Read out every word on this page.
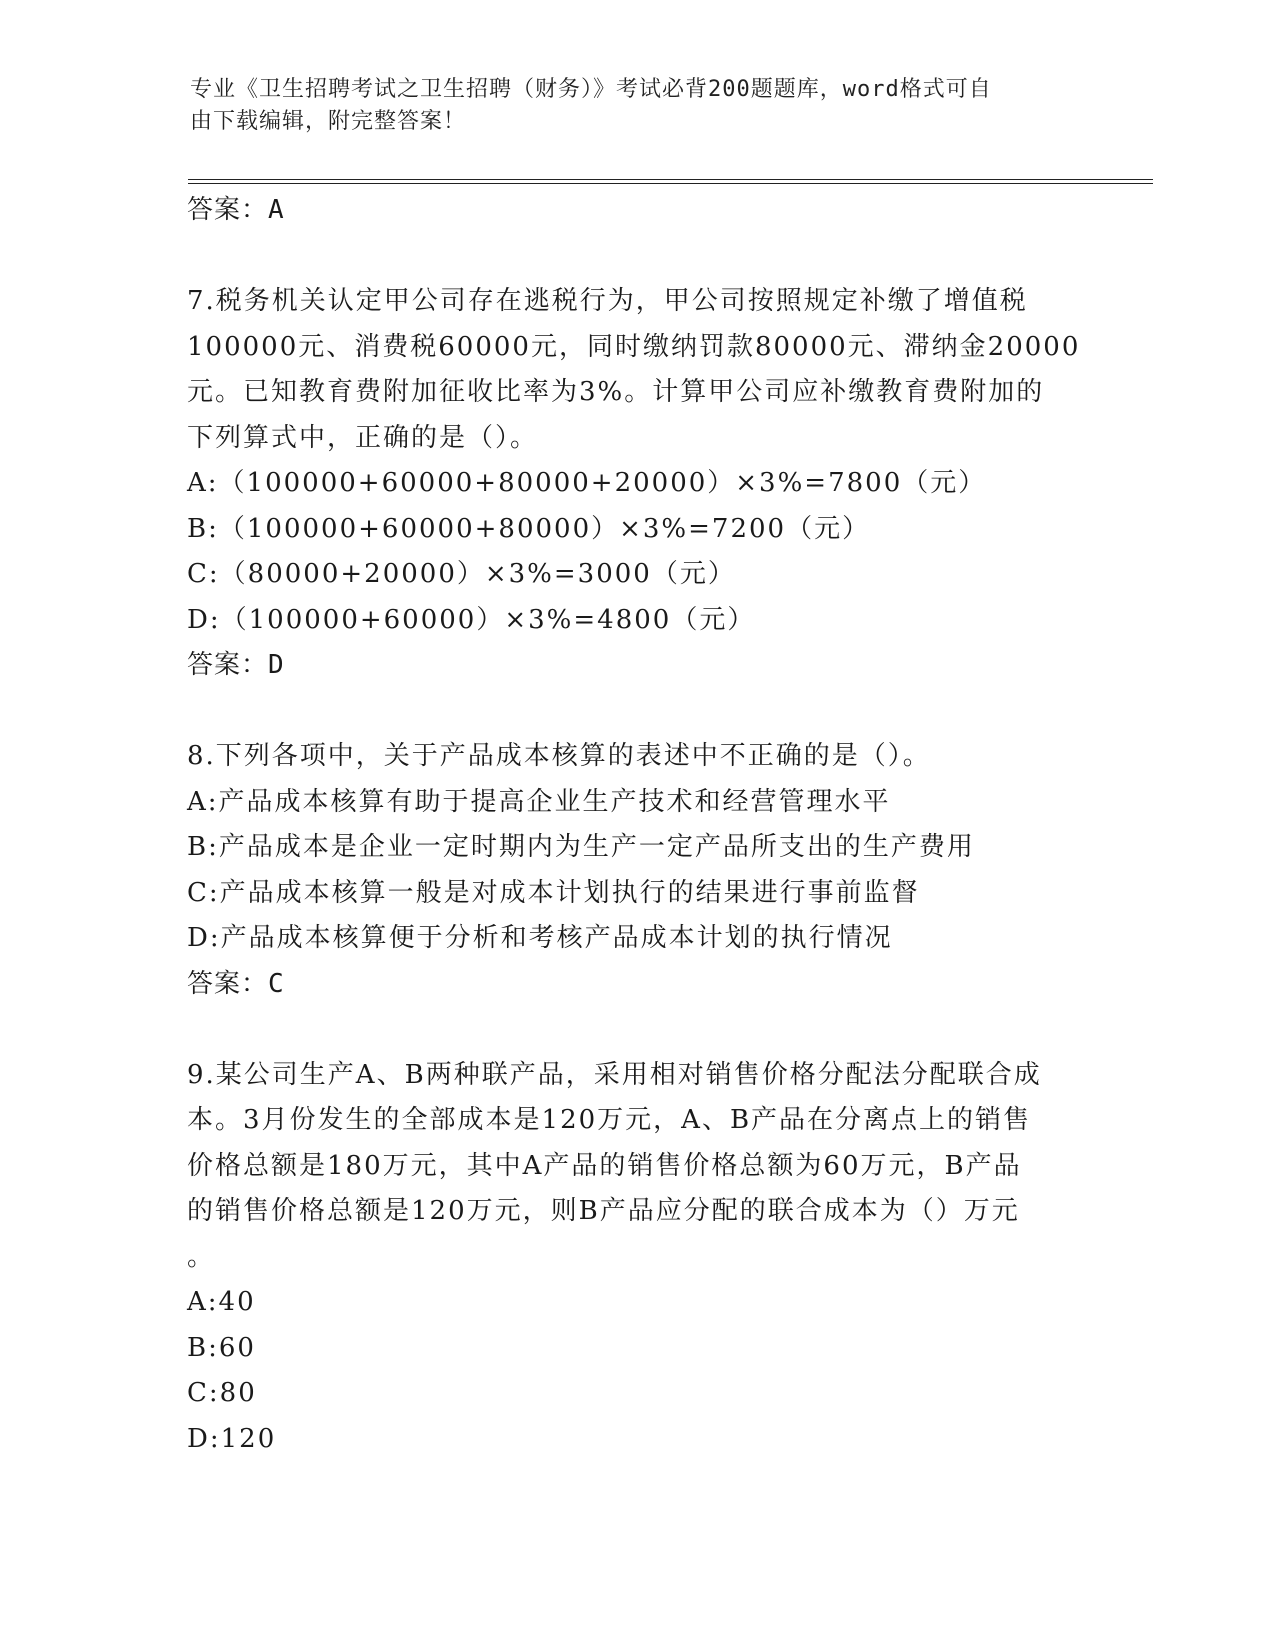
专业《卫生招聘考试之卫生招聘（财务）》考试必背200题题库，word格式可自
由下载编辑，附完整答案！
答案：A
7.税务机关认定甲公司存在逃税行为，甲公司按照规定补缴了增值税
100000元、消费税60000元，同时缴纳罚款80000元、滞纳金20000
元。已知教育费附加征收比率为3%。计算甲公司应补缴教育费附加的
下列算式中，正确的是（）。
A:（100000+60000+80000+20000）×3%=7800（元）
B:（100000+60000+80000）×3%=7200（元）
C:（80000+20000）×3%=3000（元）
D:（100000+60000）×3%=4800（元）
答案：D
8.下列各项中，关于产品成本核算的表述中不正确的是（）。
A:产品成本核算有助于提高企业生产技术和经营管理水平
B:产品成本是企业一定时期内为生产一定产品所支出的生产费用
C:产品成本核算一般是对成本计划执行的结果进行事前监督
D:产品成本核算便于分析和考核产品成本计划的执行情况
答案：C
9.某公司生产A、B两种联产品，采用相对销售价格分配法分配联合成
本。3月份发生的全部成本是120万元，A、B产品在分离点上的销售
价格总额是180万元，其中A产品的销售价格总额为60万元，B产品
的销售价格总额是120万元，则B产品应分配的联合成本为（）万元
。
A:40
B:60
C:80
D:120
